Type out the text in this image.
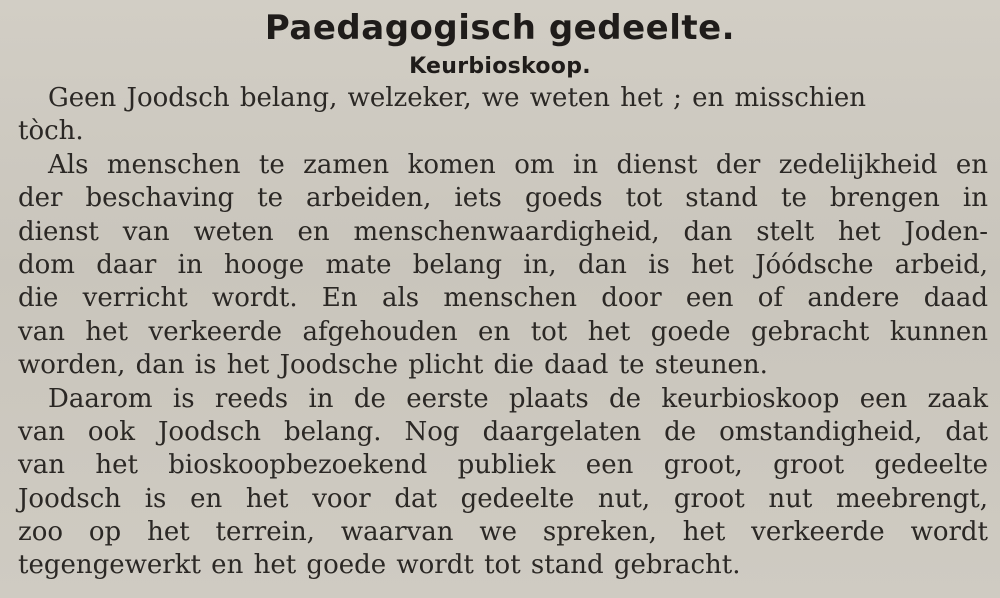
Paedagogisch gedeelte.
Keurbioskoop.
Geen Joodsch belang, welzeker, we weten het ; en misschien
tòch.
Als menschen te zamen komen om in dienst der zedelijkheid en
der beschaving te arbeiden, iets goeds tot stand te brengen in
dienst van weten en menschenwaardigheid, dan stelt het Joden-
dom daar in hooge mate belang in, dan is het Jóódsche arbeid,
die verricht wordt. En als menschen door een of andere daad
van het verkeerde afgehouden en tot het goede gebracht kunnen
worden, dan is het Joodsche plicht die daad te steunen.
Daarom is reeds in de eerste plaats de keurbioskoop een zaak
van ook Joodsch belang. Nog daargelaten de omstandigheid, dat
van het bioskoopbezoekend publiek een groot, groot gedeelte
Joodsch is en het voor dat gedeelte nut, groot nut meebrengt,
zoo op het terrein, waarvan we spreken, het verkeerde wordt
tegengewerkt en het goede wordt tot stand gebracht.
